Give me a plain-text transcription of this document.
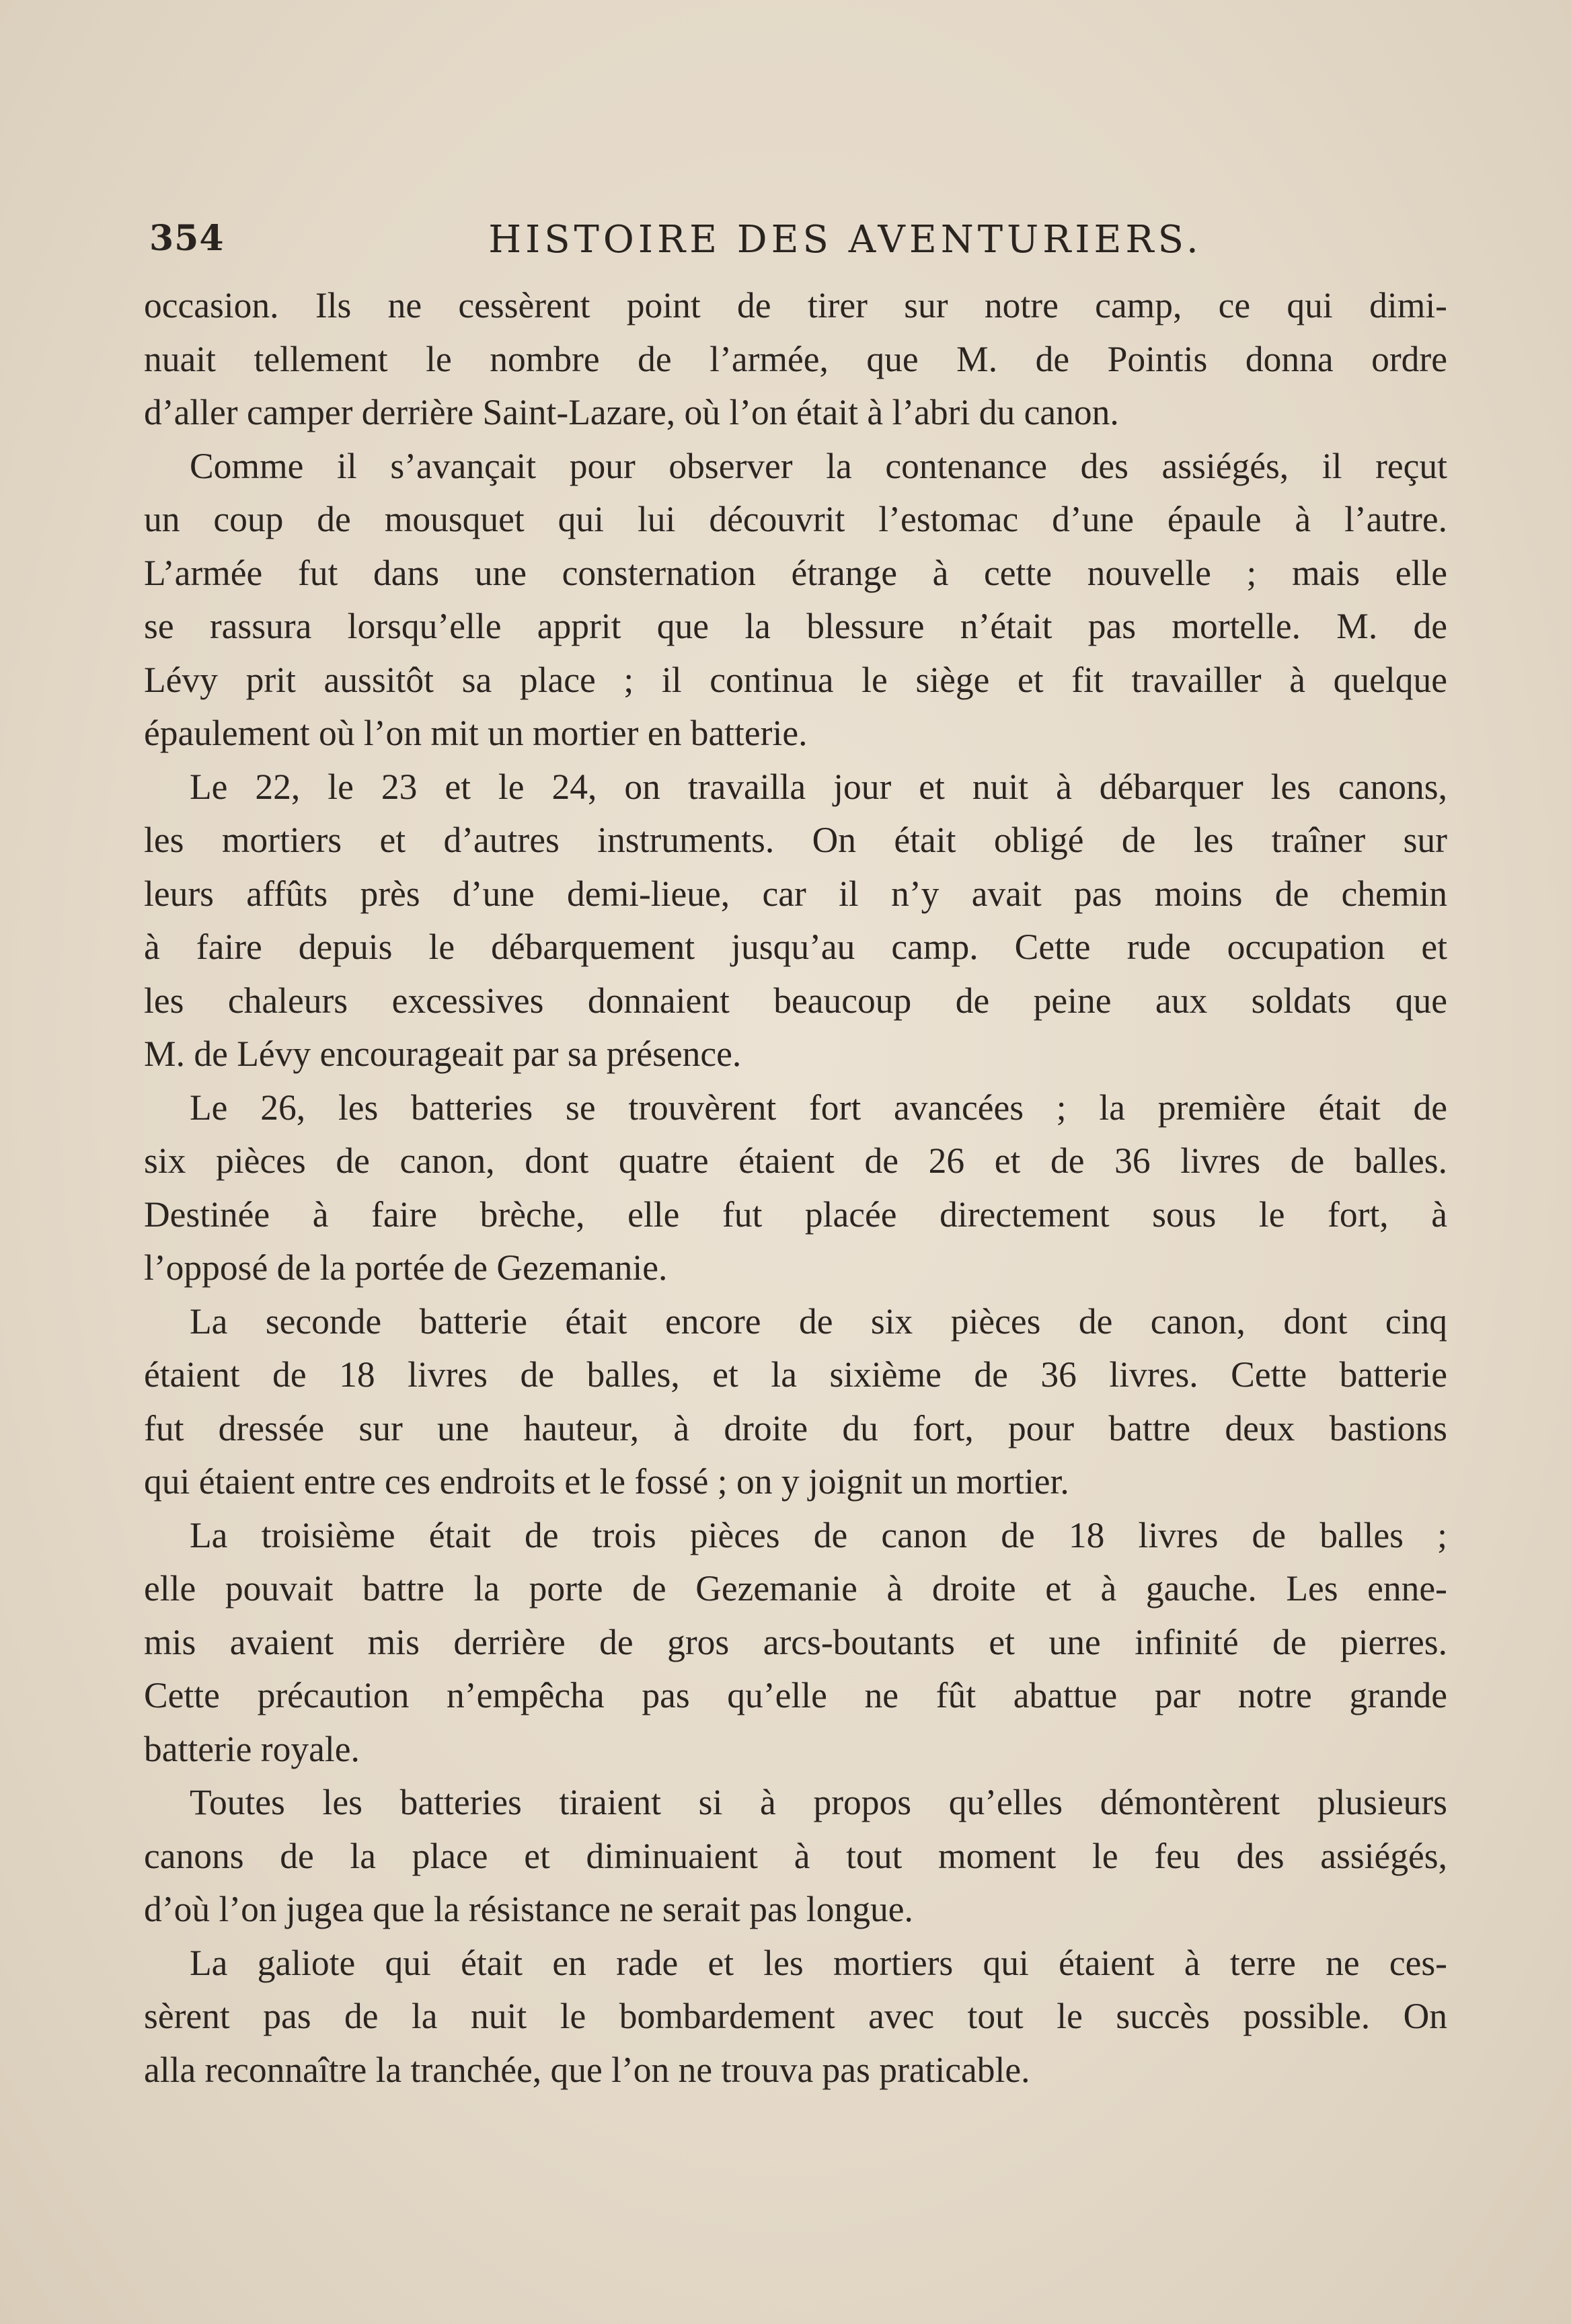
354	HISTOIRE DES AVENTURIERS.
occasion. Ils ne cessèrent point de tirer sur notre camp, ce qui dimi-
nuait tellement le nombre de l’armée, que M. de Pointis donna ordre
d’aller camper derrière Saint-Lazare, où l’on était à l’abri du canon.
Comme il s’avançait pour observer la contenance des assiégés, il reçut
un coup de mousquet qui lui découvrit l’estomac d’une épaule à l’autre.
L’armée fut dans une consternation étrange à cette nouvelle ; mais elle
se rassura lorsqu’elle apprit que la blessure n’était pas mortelle. M. de
Lévy prit aussitôt sa place ; il continua le siège et fit travailler à quelque
épaulement où l’on mit un mortier en batterie.
Le 22, le 23 et le 24, on travailla jour et nuit à débarquer les canons,
les mortiers et d’autres instruments. On était obligé de les traîner sur
leurs affûts près d’une demi-lieue, car il n’y avait pas moins de chemin
à faire depuis le débarquement jusqu’au camp. Cette rude occupation et
les chaleurs excessives donnaient beaucoup de peine aux soldats que
M. de Lévy encourageait par sa présence.
Le 26, les batteries se trouvèrent fort avancées ; la première était de
six pièces de canon, dont quatre étaient de 26 et de 36 livres de balles.
Destinée à faire brèche, elle fut placée directement sous le fort, à
l’opposé de la portée de Gezemanie.
La seconde batterie était encore de six pièces de canon, dont cinq
étaient de 18 livres de balles, et la sixième de 36 livres. Cette batterie
fut dressée sur une hauteur, à droite du fort, pour battre deux bastions
qui étaient entre ces endroits et le fossé ; on y joignit un mortier.
La troisième était de trois pièces de canon de 18 livres de balles ;
elle pouvait battre la porte de Gezemanie à droite et à gauche. Les enne-
mis avaient mis derrière de gros arcs-boutants et une infinité de pierres.
Cette précaution n’empêcha pas qu’elle ne fût abattue par notre grande
batterie royale.
Toutes les batteries tiraient si à propos qu’elles démontèrent plusieurs
canons de la place et diminuaient à tout moment le feu des assiégés,
d’où l’on jugea que la résistance ne serait pas longue.
La galiote qui était en rade et les mortiers qui étaient à terre ne ces-
sèrent pas de la nuit le bombardement avec tout le succès possible. On
alla reconnaître la tranchée, que l’on ne trouva pas praticable.
